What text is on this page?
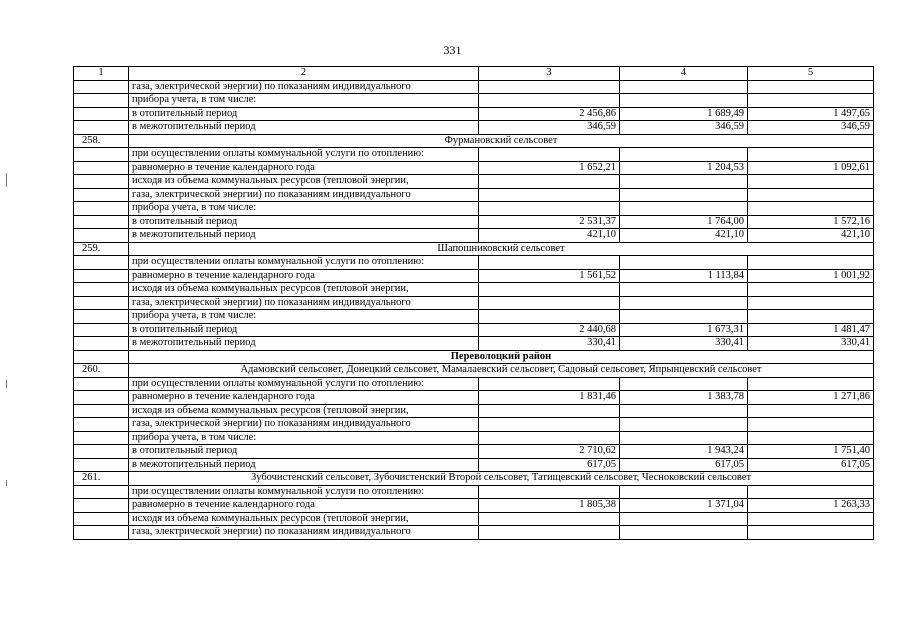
331
1	2	3	4	5
	газа, электрической энергии) по показаниям индивидуального			
	прибора учета, в том числе:			
	в отопительный период	2 456,86	1 689,49	1 497,65
	в межотопительный период	346,59	346,59	346,59
258.	Фурмановский сельсовет			
	при осуществлении оплаты коммунальной услуги по отоплению:			
	равномерно в течение календарного года	1 652,21	1 204,53	1 092,61
	исходя из объема коммунальных ресурсов (тепловой энергии,			
	газа, электрической энергии) по показаниям индивидуального			
	прибора учета, в том числе:			
	в отопительный период	2 531,37	1 764,00	1 572,16
	в межотопительный период	421,10	421,10	421,10
259.	Шапошниковский сельсовет			
	при осуществлении оплаты коммунальной услуги по отоплению:			
	равномерно в течение календарного года	1 561,52	1 113,84	1 001,92
	исходя из объема коммунальных ресурсов (тепловой энергии,			
	газа, электрической энергии) по показаниям индивидуального			
	прибора учета, в том числе:			
	в отопительный период	2 440,68	1 673,31	1 481,47
	в межотопительный период	330,41	330,41	330,41
	Переволоцкий район			
260.	Адамовский сельсовет, Донецкий сельсовет, Мамалаевский сельсовет, Садовый сельсовет, Япрынцевский сельсовет			
	при осуществлении оплаты коммунальной услуги по отоплению:			
	равномерно в течение календарного года	1 831,46	1 383,78	1 271,86
	исходя из объема коммунальных ресурсов (тепловой энергии,			
	газа, электрической энергии) по показаниям индивидуального			
	прибора учета, в том числе:			
	в отопительный период	2 710,62	1 943,24	1 751,40
	в межотопительный период	617,05	617,05	617,05
261.	Зубочистенский сельсовет, Зубочистенский Второй сельсовет, Татищевский сельсовет, Чесноковский сельсовет			
	при осуществлении оплаты коммунальной услуги по отоплению:			
	равномерно в течение календарного года	1 805,38	1 371,04	1 263,33
	исходя из объема коммунальных ресурсов (тепловой энергии,			
	газа, электрической энергии) по показаниям индивидуального			
